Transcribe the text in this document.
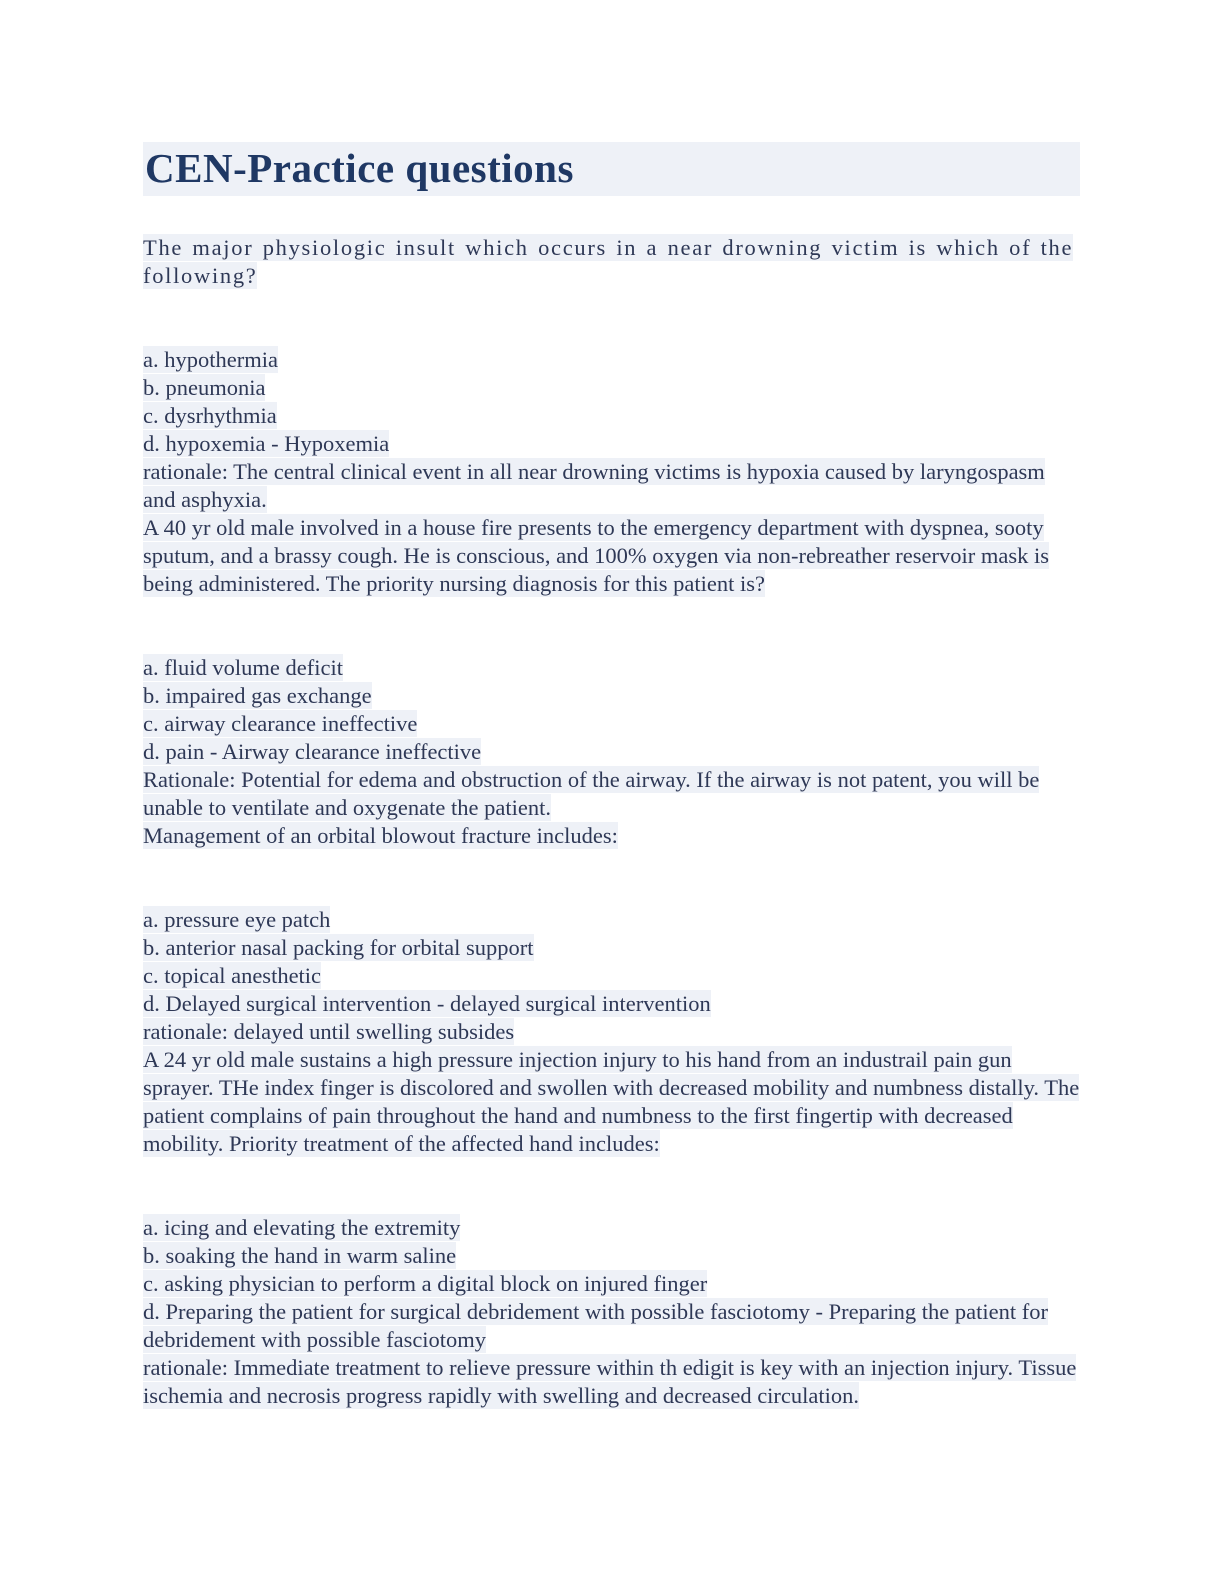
CEN-Practice questions

The major physiologic insult which occurs in a near drowning victim is which of the following?

a. hypothermia
b. pneumonia
c. dysrhythmia
d. hypoxemia - Hypoxemia
rationale: The central clinical event in all near drowning victims is hypoxia caused by laryngospasm and asphyxia.

A 40 yr old male involved in a house fire presents to the emergency department with dyspnea, sooty sputum, and a brassy cough. He is conscious, and 100% oxygen via non-rebreather reservoir mask is being administered. The priority nursing diagnosis for this patient is?

a. fluid volume deficit
b. impaired gas exchange
c. airway clearance ineffective
d. pain - Airway clearance ineffective
Rationale: Potential for edema and obstruction of the airway. If the airway is not patent, you will be unable to ventilate and oxygenate the patient.

Management of an orbital blowout fracture includes:

a. pressure eye patch
b. anterior nasal packing for orbital support
c. topical anesthetic
d. Delayed surgical intervention - delayed surgical intervention
rationale: delayed until swelling subsides

A 24 yr old male sustains a high pressure injection injury to his hand from an industrail pain gun sprayer. THe index finger is discolored and swollen with decreased mobility and numbness distally. The patient complains of pain throughout the hand and numbness to the first fingertip with decreased mobility. Priority treatment of the affected hand includes:

a. icing and elevating the extremity
b. soaking the hand in warm saline
c. asking physician to perform a digital block on injured finger
d. Preparing the patient for surgical debridement with possible fasciotomy - Preparing the patient for debridement with possible fasciotomy
rationale: Immediate treatment to relieve pressure within th edigit is key with an injection injury. Tissue ischemia and necrosis progress rapidly with swelling and decreased circulation.
